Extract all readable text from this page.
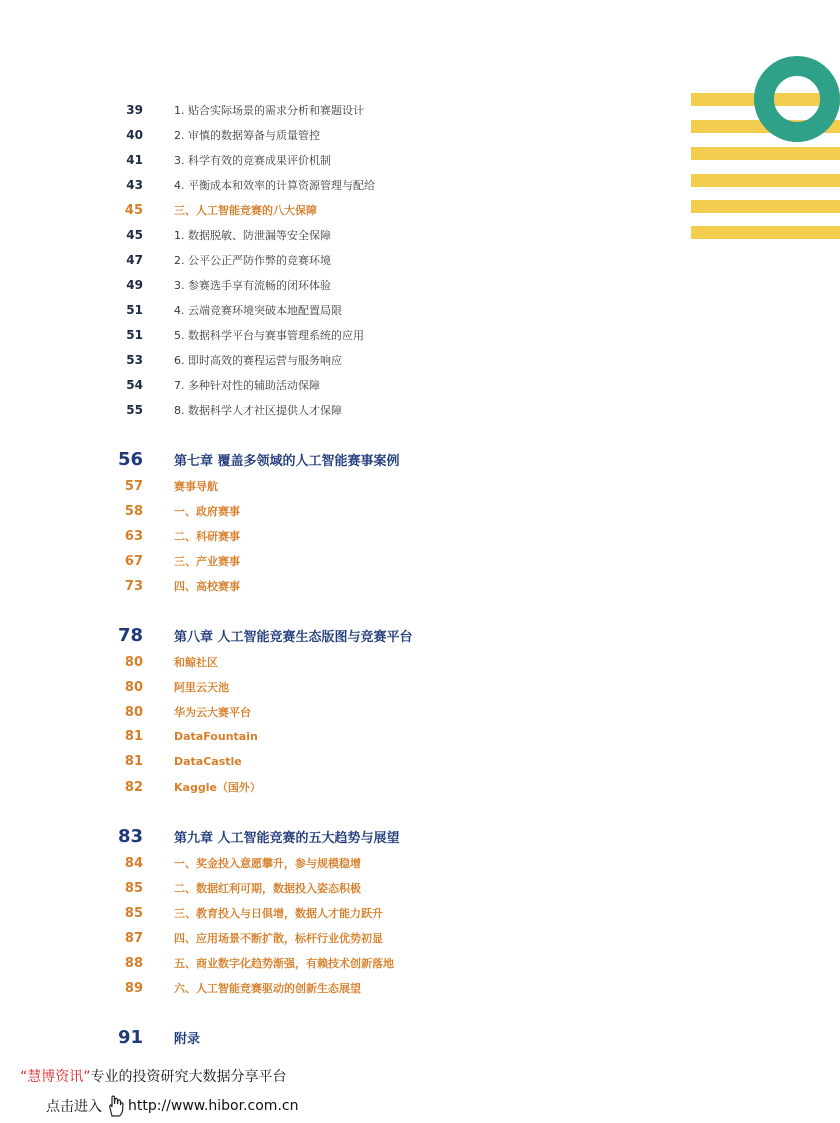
39	1. 贴合实际场景的需求分析和赛题设计
40	2. 审慎的数据筹备与质量管控
41	3. 科学有效的竞赛成果评价机制
43	4. 平衡成本和效率的计算资源管理与配给
45	三、人工智能竞赛的八大保障
45	1. 数据脱敏、防泄漏等安全保障
47	2. 公平公正严防作弊的竞赛环境
49	3. 参赛选手享有流畅的闭环体验
51	4. 云端竞赛环境突破本地配置局限
51	5. 数据科学平台与赛事管理系统的应用
53	6. 即时高效的赛程运营与服务响应
54	7. 多种针对性的辅助活动保障
55	8. 数据科学人才社区提供人才保障
56 第七章 覆盖多领域的人工智能赛事案例
57	赛事导航
58	一、政府赛事
63	二、科研赛事
67	三、产业赛事
73	四、高校赛事
78 第八章 人工智能竞赛生态版图与竞赛平台
80	和鲸社区
80	阿里云天池
80	华为云大赛平台
81	DataFountain
81	DataCastle
82	Kaggle（国外）
83 第九章 人工智能竞赛的五大趋势与展望
84	一、奖金投入意愿攀升，参与规模稳增
85	二、数据红利可期，数据投入姿态积极
85	三、教育投入与日俱增，数据人才能力跃升
87	四、应用场景不断扩散，标杆行业优势初显
88	五、商业数字化趋势渐强，有赖技术创新落地
89	六、人工智能竞赛驱动的创新生态展望
91 附录
“慧博资讯”专业的投资研究大数据分享平台
点击进入 http://www.hibor.com.cn
